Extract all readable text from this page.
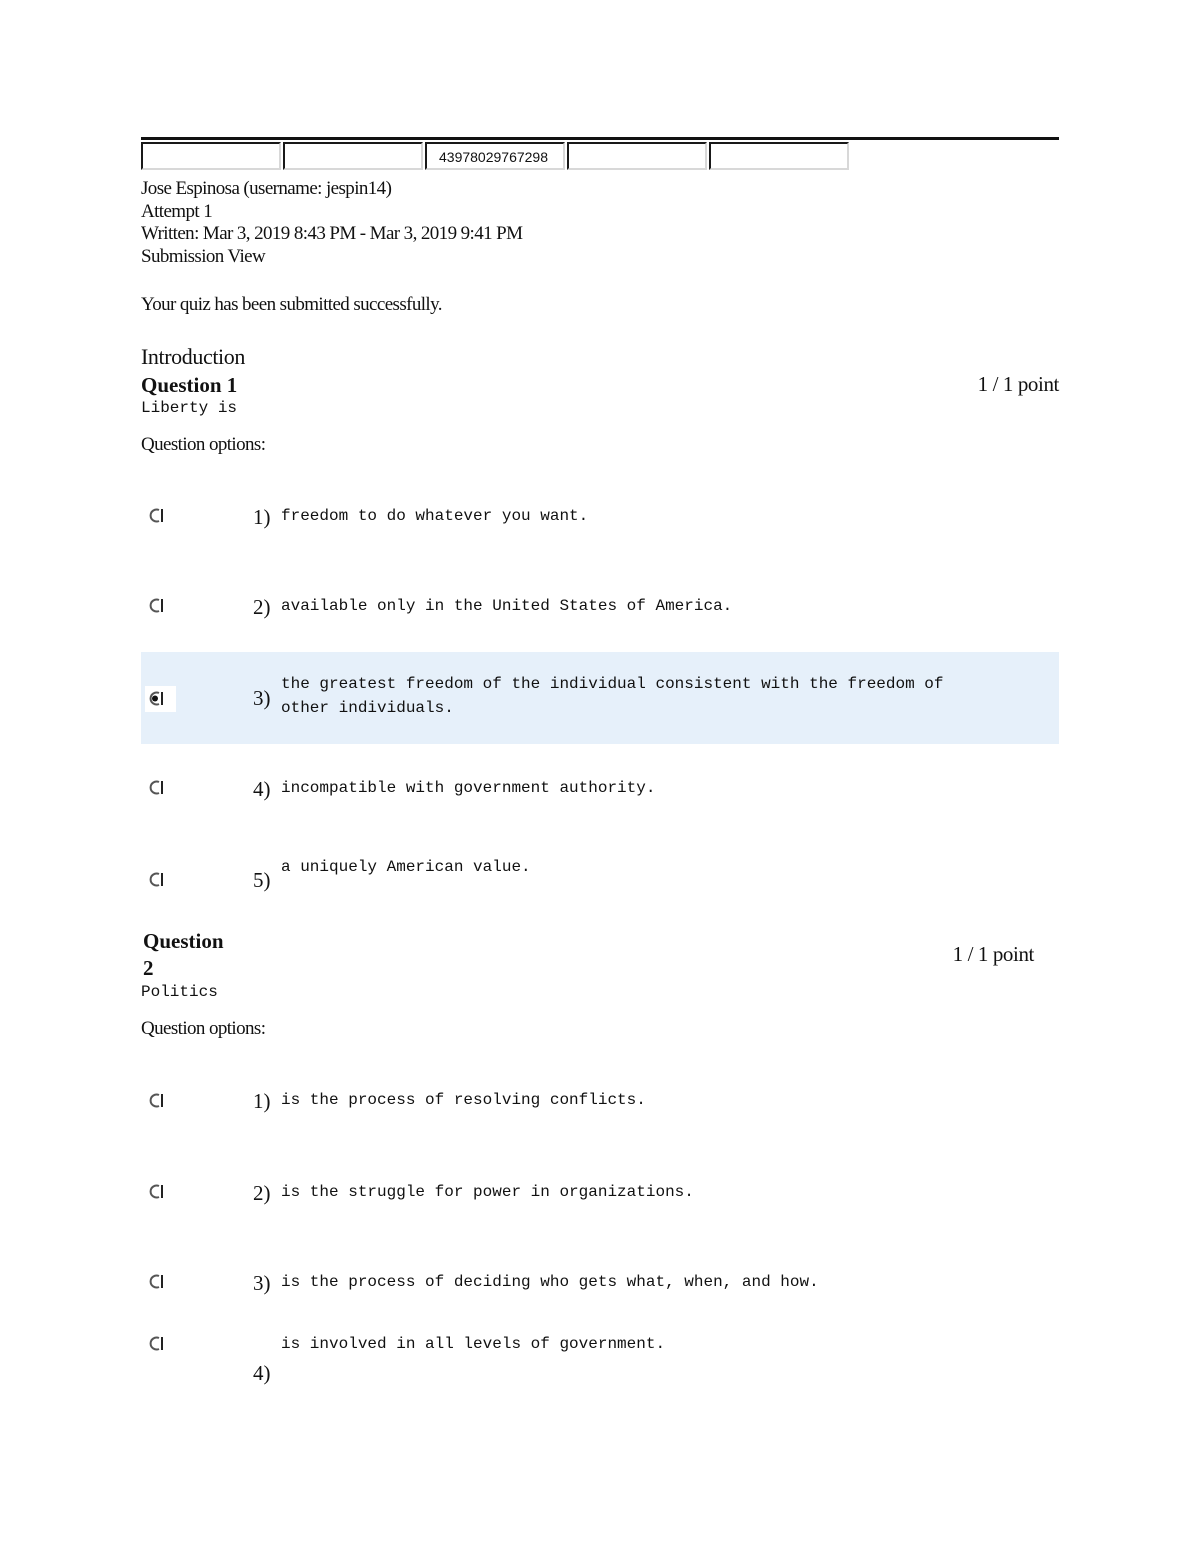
43978029767298
Jose Espinosa (username: jespin14)
Attempt 1
Written: Mar 3, 2019 8:43 PM - Mar 3, 2019 9:41 PM
Submission View
Your quiz has been submitted successfully.
Introduction
Question 1	1 / 1 point
Liberty is
Question options:
1) freedom to do whatever you want.
2) available only in the United States of America.
3)
the greatest freedom of the individual consistent with the freedom of other individuals.
4) incompatible with government authority.
5)
a uniquely American value.
Question
2
1 / 1 point
Politics
Question options:
1) is the process of resolving conflicts.
2) is the struggle for power in organizations.
3) is the process of deciding who gets what, when, and how.
4)
is involved in all levels of government.
